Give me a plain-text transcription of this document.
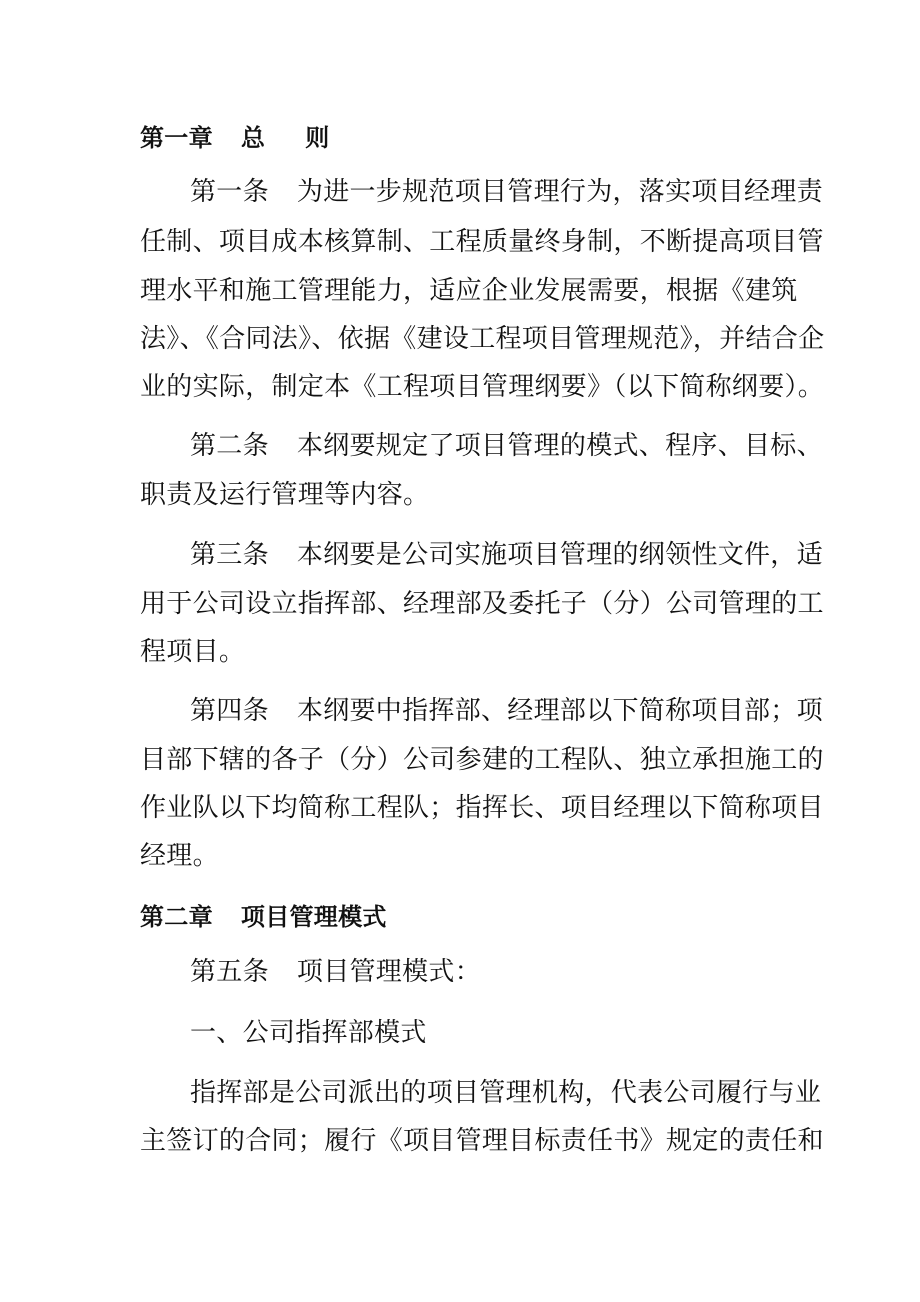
第一章 总 则
第一条 为进一步规范项目管理行为，落实项目经理责
任制、项目成本核算制、工程质量终身制，不断提高项目管
理水平和施工管理能力，适应企业发展需要，根据《建筑
法》、《合同法》、依据《建设工程项目管理规范》，并结合企
业的实际，制定本《工程项目管理纲要》（以下简称纲要）。
第二条 本纲要规定了项目管理的模式、程序、目标、
职责及运行管理等内容。
第三条 本纲要是公司实施项目管理的纲领性文件，适
用于公司设立指挥部、经理部及委托子（分）公司管理的工
程项目。
第四条 本纲要中指挥部、经理部以下简称项目部；项
目部下辖的各子（分）公司参建的工程队、独立承担施工的
作业队以下均简称工程队；指挥长、项目经理以下简称项目
经理。
第二章 项目管理模式
第五条 项目管理模式：
一、公司指挥部模式
指挥部是公司派出的项目管理机构，代表公司履行与业
主签订的合同；履行《项目管理目标责任书》规定的责任和
